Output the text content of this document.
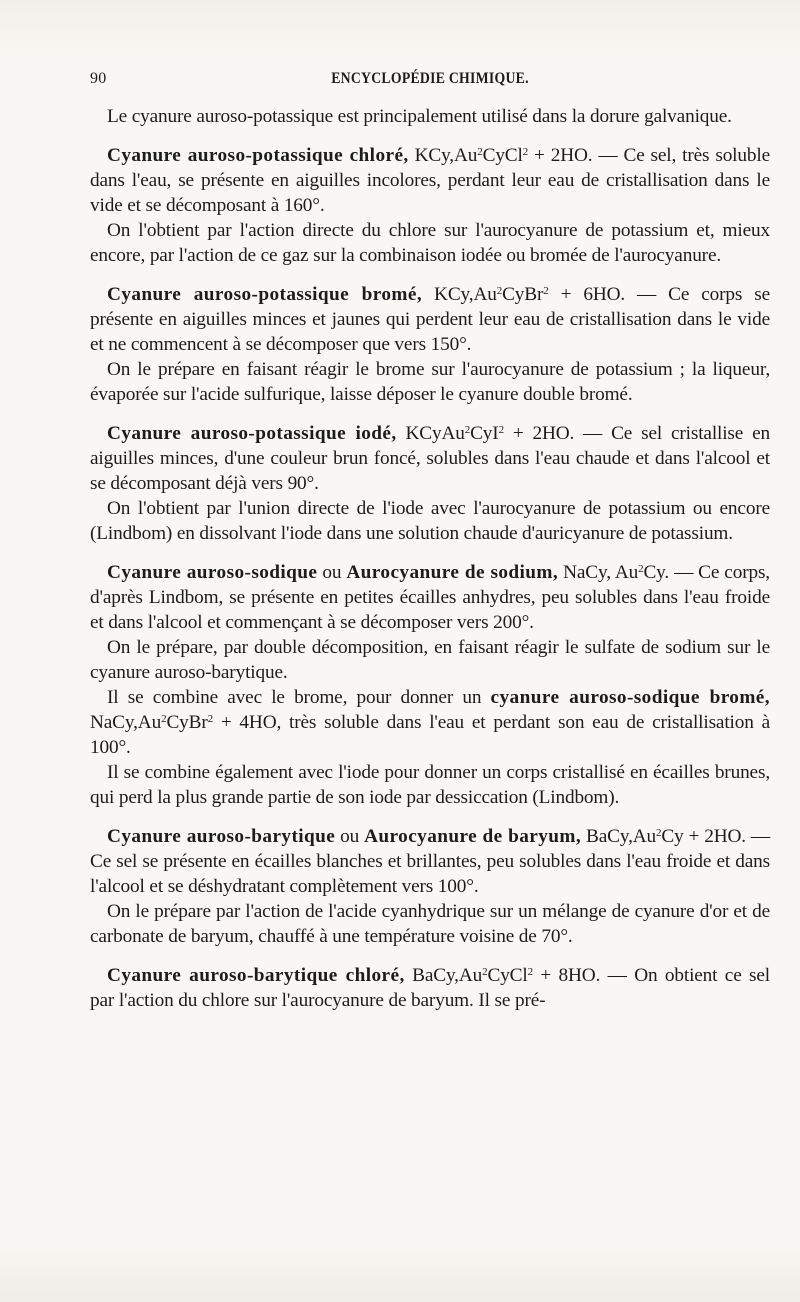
90	ENCYCLOPÉDIE CHIMIQUE.

Le cyanure auroso-potassique est principalement utilisé dans la dorure galvanique.

Cyanure auroso-potassique chloré, $KCy,Au^2CyCl^2 + 2HO$. — Ce sel, très soluble dans l'eau, se présente en aiguilles incolores, perdant leur eau de cristallisation dans le vide et se décomposant à 160°.

On l'obtient par l'action directe du chlore sur l'aurocyanure de potassium et, mieux encore, par l'action de ce gaz sur la combinaison iodée ou bromée de l'aurocyanure.

Cyanure auroso-potassique bromé, $KCy,Au^2CyBr^2 + 6HO$. — Ce corps se présente en aiguilles minces et jaunes qui perdent leur eau de cristallisation dans le vide et ne commencent à se décomposer que vers 150°.

On le prépare en faisant réagir le brome sur l'aurocyanure de potassium ; la liqueur, évaporée sur l'acide sulfurique, laisse déposer le cyanure double bromé.

Cyanure auroso-potassique iodé, KCyAu$^2$CyI$^2$ + 2HO. — Ce sel cristallise en aiguilles minces, d'une couleur brun foncé, solubles dans l'eau chaude et dans l'alcool et se décomposant déjà vers 90°.

On l'obtient par l'union directe de l'iode avec l'aurocyanure de potassium ou encore (Lindbom) en dissolvant l'iode dans une solution chaude d'auricyanure de potassium.

Cyanure auroso-sodique ou Aurocyanure de sodium, NaCy, Au$^2$Cy. — Ce corps, d'après Lindbom, se présente en petites écailles anhydres, peu solubles dans l'eau froide et dans l'alcool et commençant à se décomposer vers 200°.

On le prépare, par double décomposition, en faisant réagir le sulfate de sodium sur le cyanure auroso-barytique.

Il se combine avec le brome, pour donner un cyanure auroso-sodique bromé, $NaCy,Au^2CyBr^2 + 4HO$, très soluble dans l'eau et perdant son eau de cristallisation à 100°.

Il se combine également avec l'iode pour donner un corps cristallisé en écailles brunes, qui perd la plus grande partie de son iode par dessiccation (Lindbom).

Cyanure auroso-barytique ou Aurocyanure de baryum, $BaCy,Au^2Cy + 2HO$. — Ce sel se présente en écailles blanches et brillantes, peu solubles dans l'eau froide et dans l'alcool et se déshydratant complètement vers 100°.

On le prépare par l'action de l'acide cyanhydrique sur un mélange de cyanure d'or et de carbonate de baryum, chauffé à une température voisine de 70°.

Cyanure auroso-barytique chloré, $BaCy,Au^2CyCl^2 + 8HO$. — On obtient ce sel par l'action du chlore sur l'aurocyanure de baryum. Il se pré-
